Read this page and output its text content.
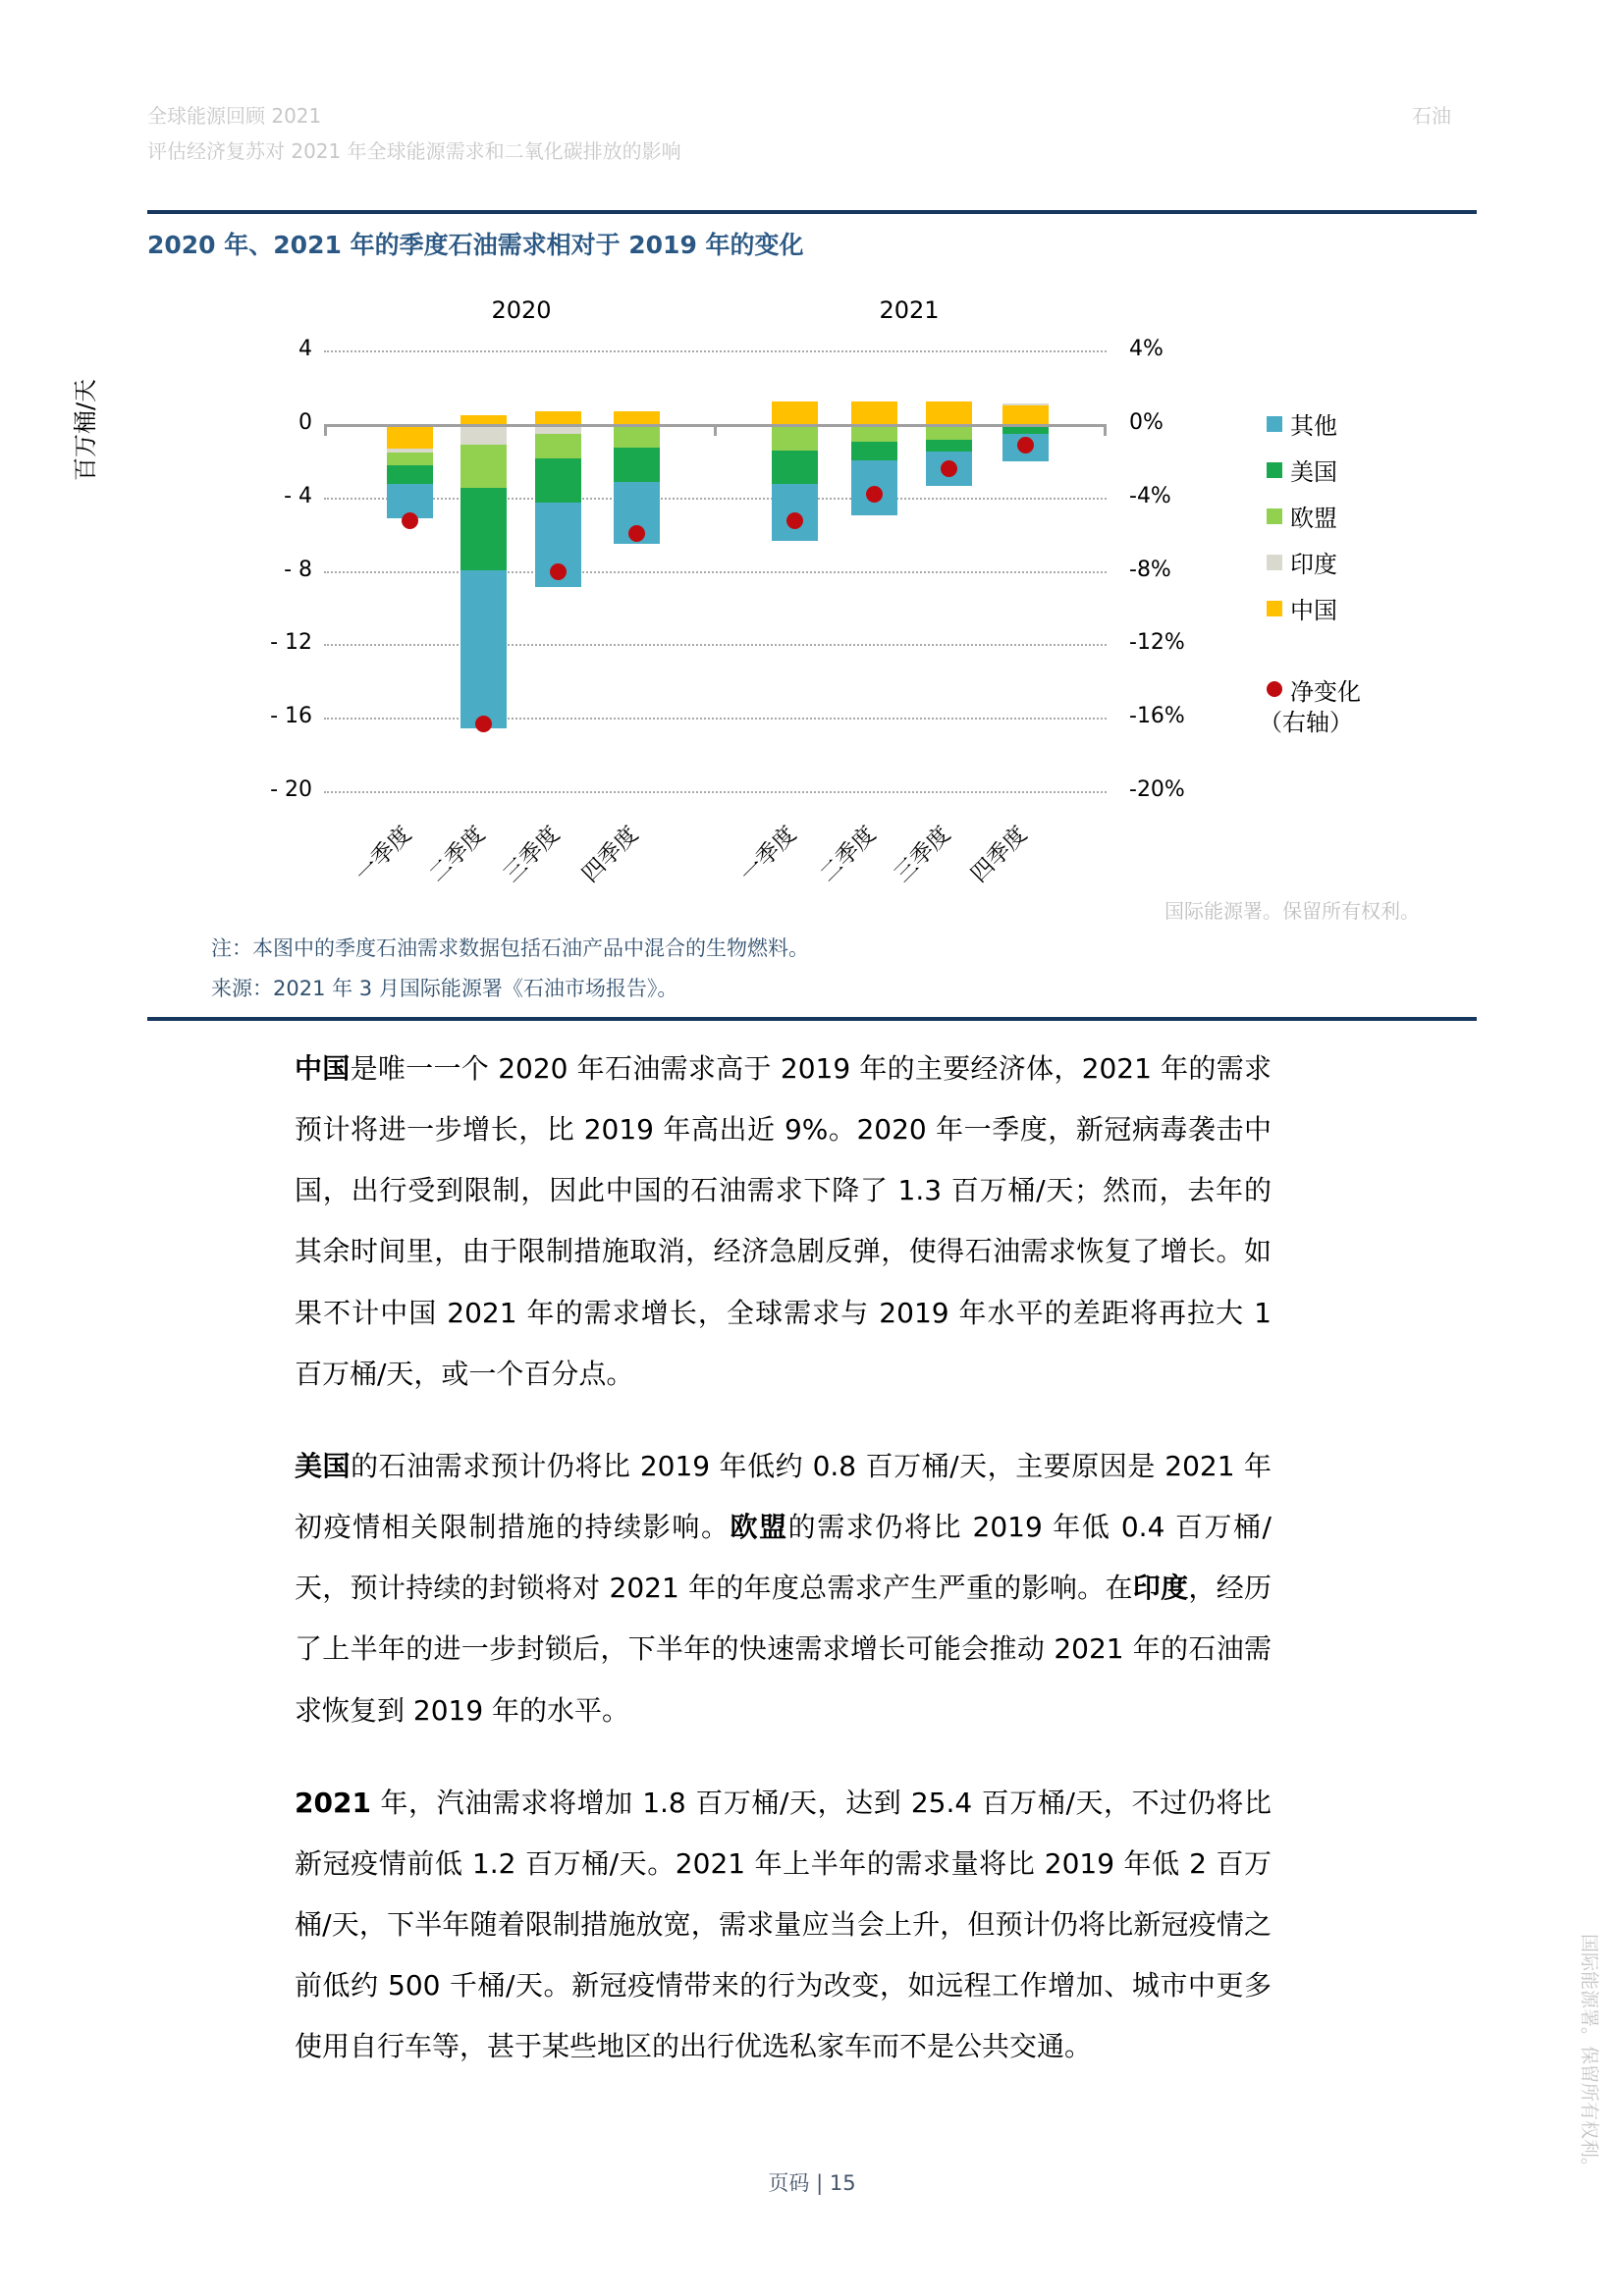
全球能源回顾 2021
评估经济复苏对 2021 年全球能源需求和二氧化碳排放的影响
石油
2020 年、2021 年的季度石油需求相对于 2019 年的变化
2020	2021
百万桶/天
4	4%
0	0%
- 4	-4%
- 8	-8%
- 12	-12%
- 16	-16%
- 20	-20%
一季度 二季度 三季度 四季度	一季度 二季度 三季度 四季度
其他
美国
欧盟
印度
中国
净变化
（右轴）
国际能源署。保留所有权利。
注：本图中的季度石油需求数据包括石油产品中混合的生物燃料。
来源：2021 年 3 月国际能源署《石油市场报告》。

中国是唯一一个 2020 年石油需求高于 2019 年的主要经济体，2021 年的需求预计将进一步增长，比 2019 年高出近 9%。2020 年一季度，新冠病毒袭击中国，出行受到限制，因此中国的石油需求下降了 1.3 百万桶/天；然而，去年的其余时间里，由于限制措施取消，经济急剧反弹，使得石油需求恢复了增长。如果不计中国 2021 年的需求增长，全球需求与 2019 年水平的差距将再拉大 1 百万桶/天，或一个百分点。

美国的石油需求预计仍将比 2019 年低约 0.8 百万桶/天，主要原因是 2021 年初疫情相关限制措施的持续影响。欧盟的需求仍将比 2019 年低 0.4 百万桶/天，预计持续的封锁将对 2021 年的年度总需求产生严重的影响。在印度，经历了上半年的进一步封锁后，下半年的快速需求增长可能会推动 2021 年的石油需求恢复到 2019 年的水平。

2021 年，汽油需求将增加 1.8 百万桶/天，达到 25.4 百万桶/天，不过仍将比新冠疫情前低 1.2 百万桶/天。2021 年上半年的需求量将比 2019 年低 2 百万桶/天，下半年随着限制措施放宽，需求量应当会上升，但预计仍将比新冠疫情之前低约 500 千桶/天。新冠疫情带来的行为改变，如远程工作增加、城市中更多使用自行车等，甚于某些地区的出行优选私家车而不是公共交通。

页码 | 15
国际能源署。保留所有权利。
